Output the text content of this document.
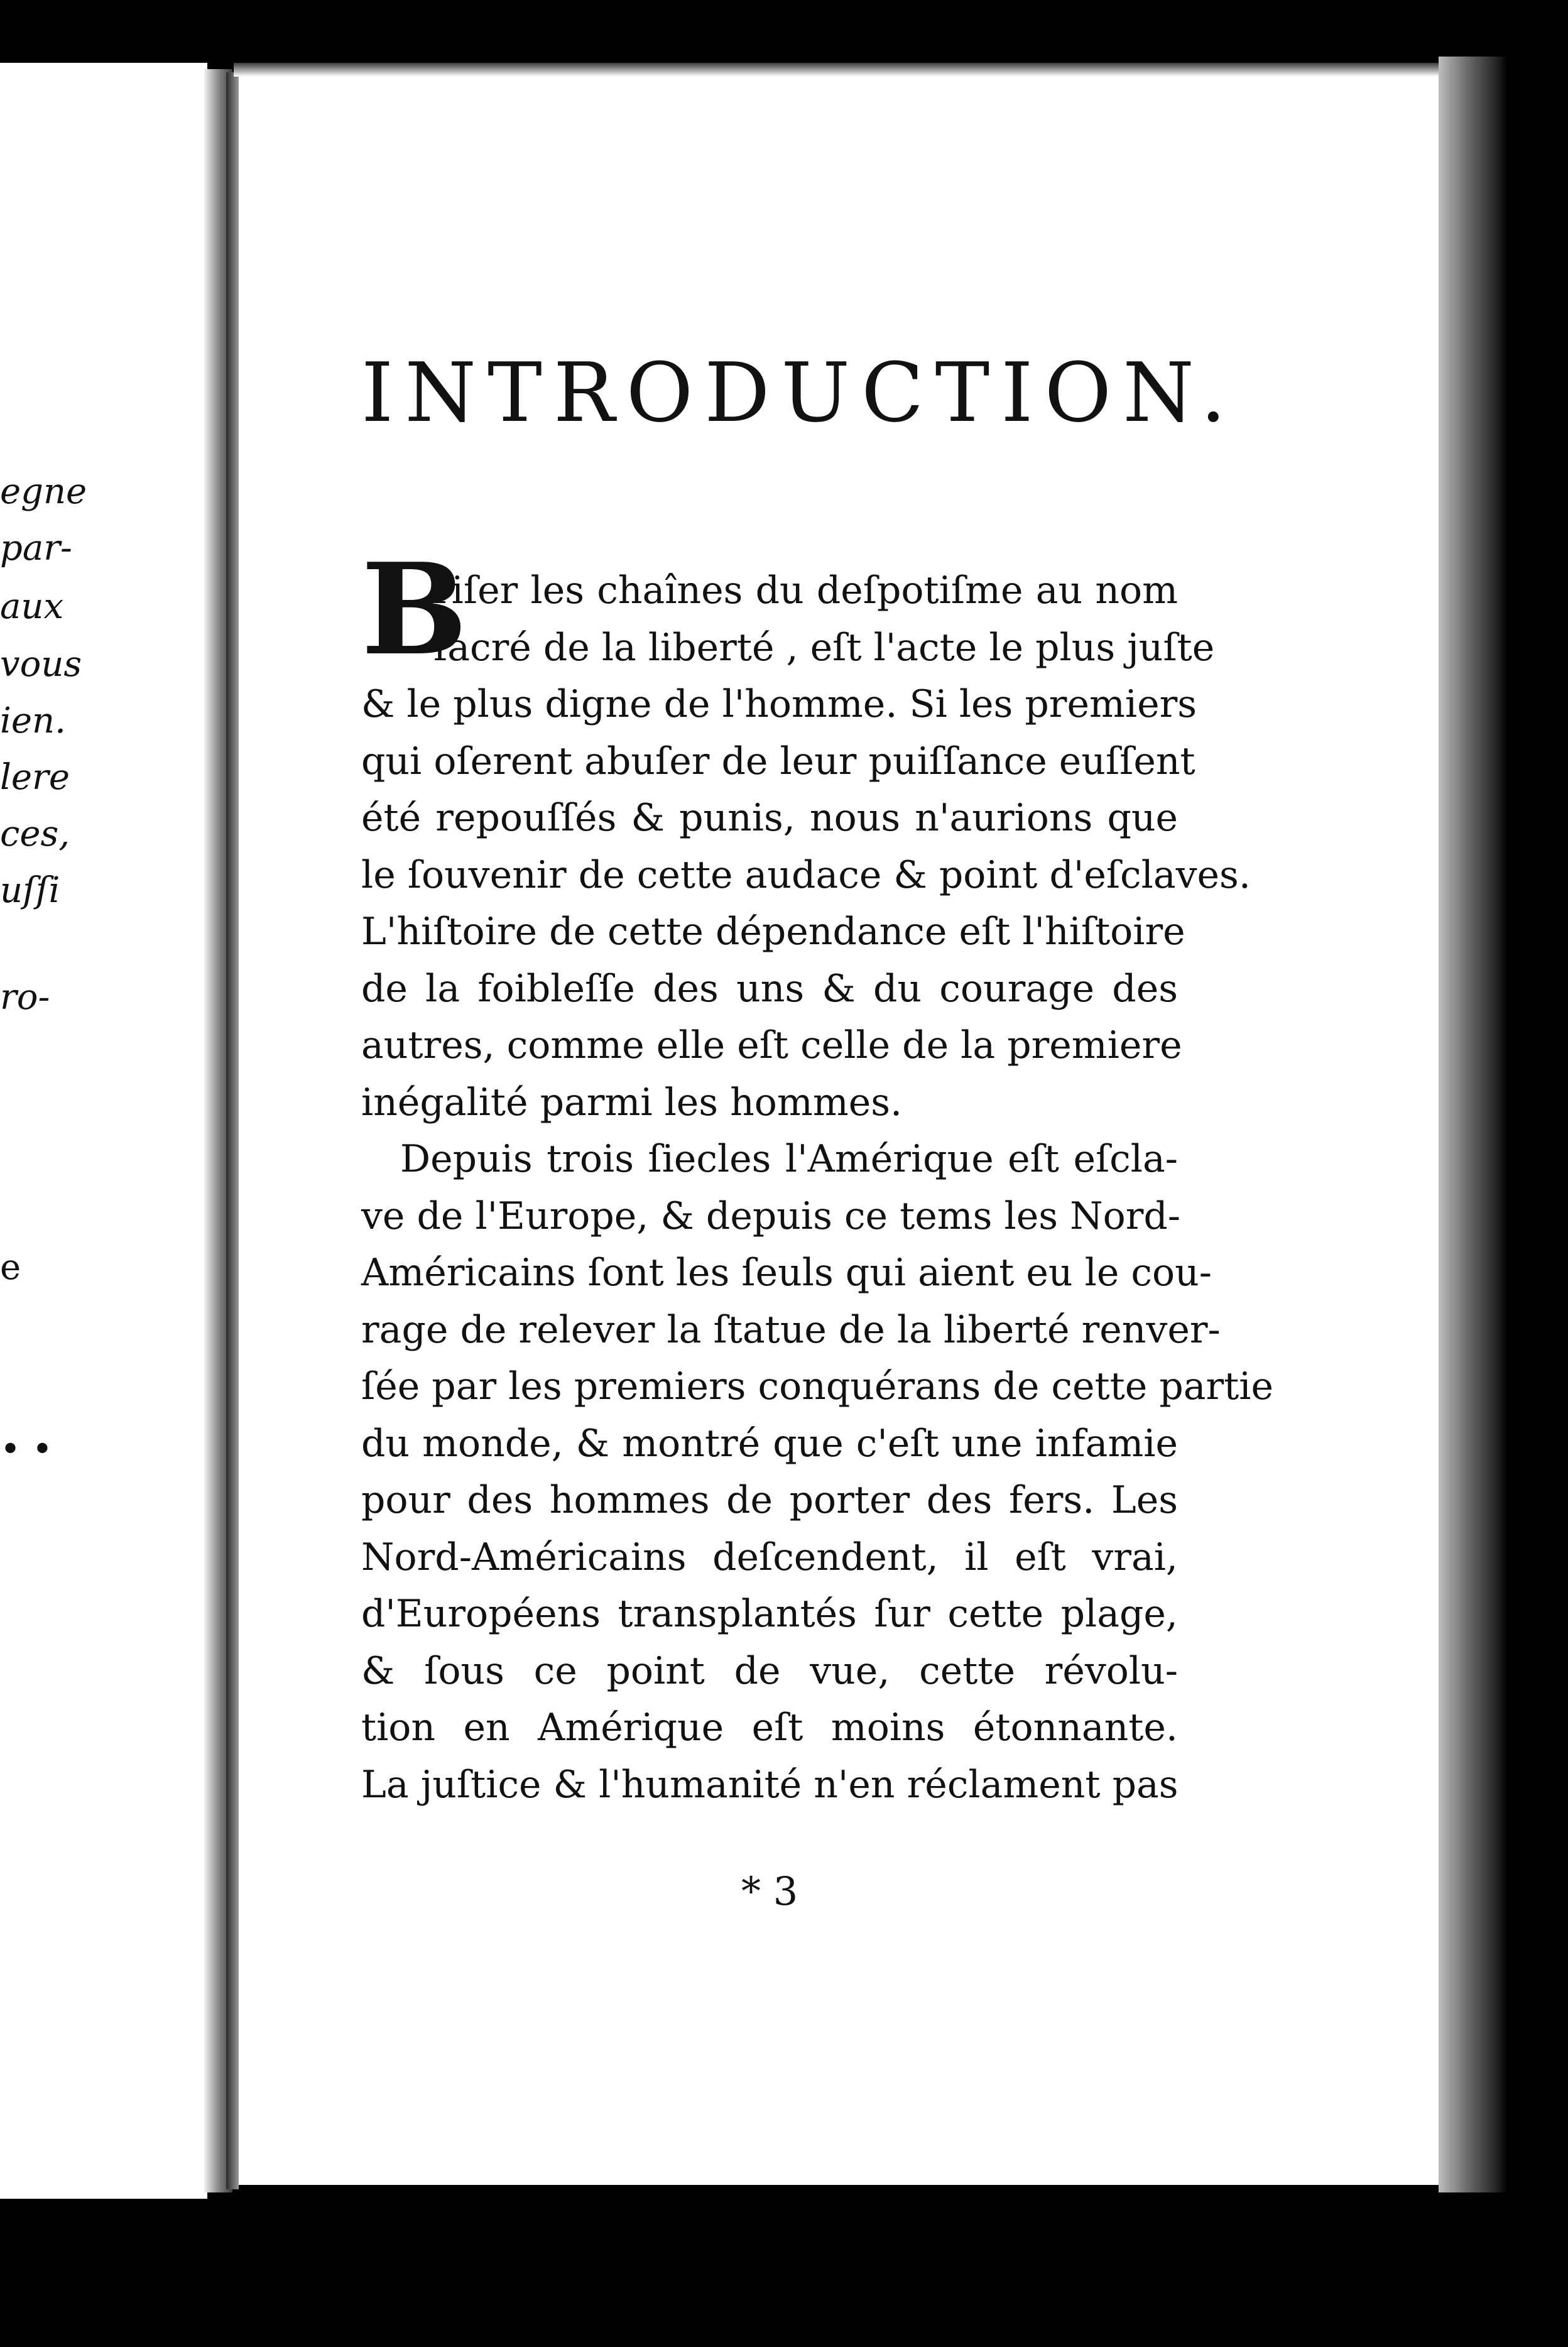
egne
par-
aux
vous
ien.
lere
ces,
uſſi
ro-
e
• •
INTRODUCTION.
B
riſer les chaînes du deſpotiſme au nom
ſacré de la liberté , eſt l'acte le plus juſte
& le plus digne de l'homme. Si les premiers
qui oſerent abuſer de leur puiſſance euſſent
été repouſſés & punis, nous n'aurions que
le ſouvenir de cette audace & point d'eſclaves.
L'hiſtoire de cette dépendance eſt l'hiſtoire
de la foibleſſe des uns & du courage des
autres, comme elle eſt celle de la premiere
inégalité parmi les hommes.
Depuis trois ſiecles l'Amérique eſt eſcla-
ve de l'Europe, & depuis ce tems les Nord-
Américains ſont les ſeuls qui aient eu le cou-
rage de relever la ſtatue de la liberté renver-
ſée par les premiers conquérans de cette partie
du monde, & montré que c'eſt une infamie
pour des hommes de porter des fers. Les
Nord-Américains deſcendent, il eſt vrai,
d'Européens transplantés ſur cette plage,
& ſous ce point de vue, cette révolu-
tion en Amérique eſt moins étonnante.
La juſtice & l'humanité n'en réclament pas
* 3
